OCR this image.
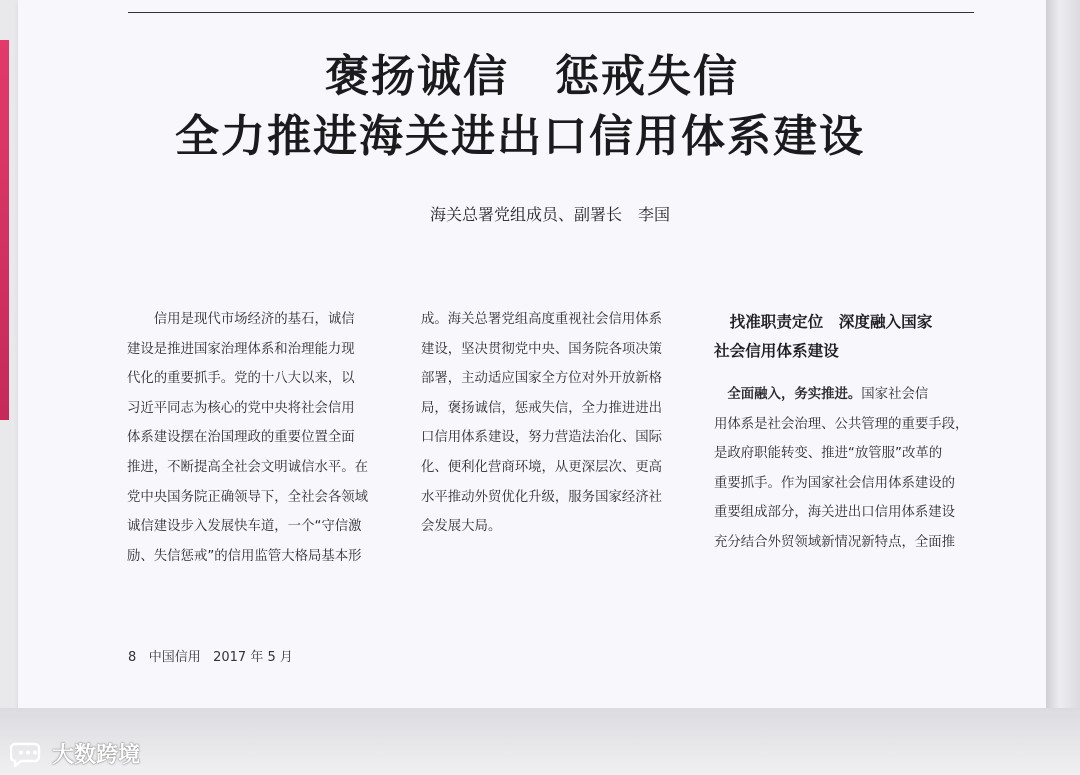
褒扬诚信　惩戒失信
全力推进海关进出口信用体系建设
海关总署党组成员、副署长　李国
　　信用是现代市场经济的基石，诚信
建设是推进国家治理体系和治理能力现
代化的重要抓手。党的十八大以来，以
习近平同志为核心的党中央将社会信用
体系建设摆在治国理政的重要位置全面
推进，不断提高全社会文明诚信水平。在
党中央国务院正确领导下，全社会各领域
诚信建设步入发展快车道，一个“守信激
励、失信惩戒”的信用监管大格局基本形
成。海关总署党组高度重视社会信用体系
建设，坚决贯彻党中央、国务院各项决策
部署，主动适应国家全方位对外开放新格
局，褒扬诚信，惩戒失信，全力推进进出
口信用体系建设，努力营造法治化、国际
化、便利化营商环境，从更深层次、更高
水平推动外贸优化升级，服务国家经济社
会发展大局。
　找准职责定位　深度融入国家
社会信用体系建设
　全面融入，务实推进。国家社会信
用体系是社会治理、公共管理的重要手段，
是政府职能转变、推进“放管服”改革的
重要抓手。作为国家社会信用体系建设的
重要组成部分，海关进出口信用体系建设
充分结合外贸领域新情况新特点，全面推
8 中国信用 2017 年 5 月
大数跨境
